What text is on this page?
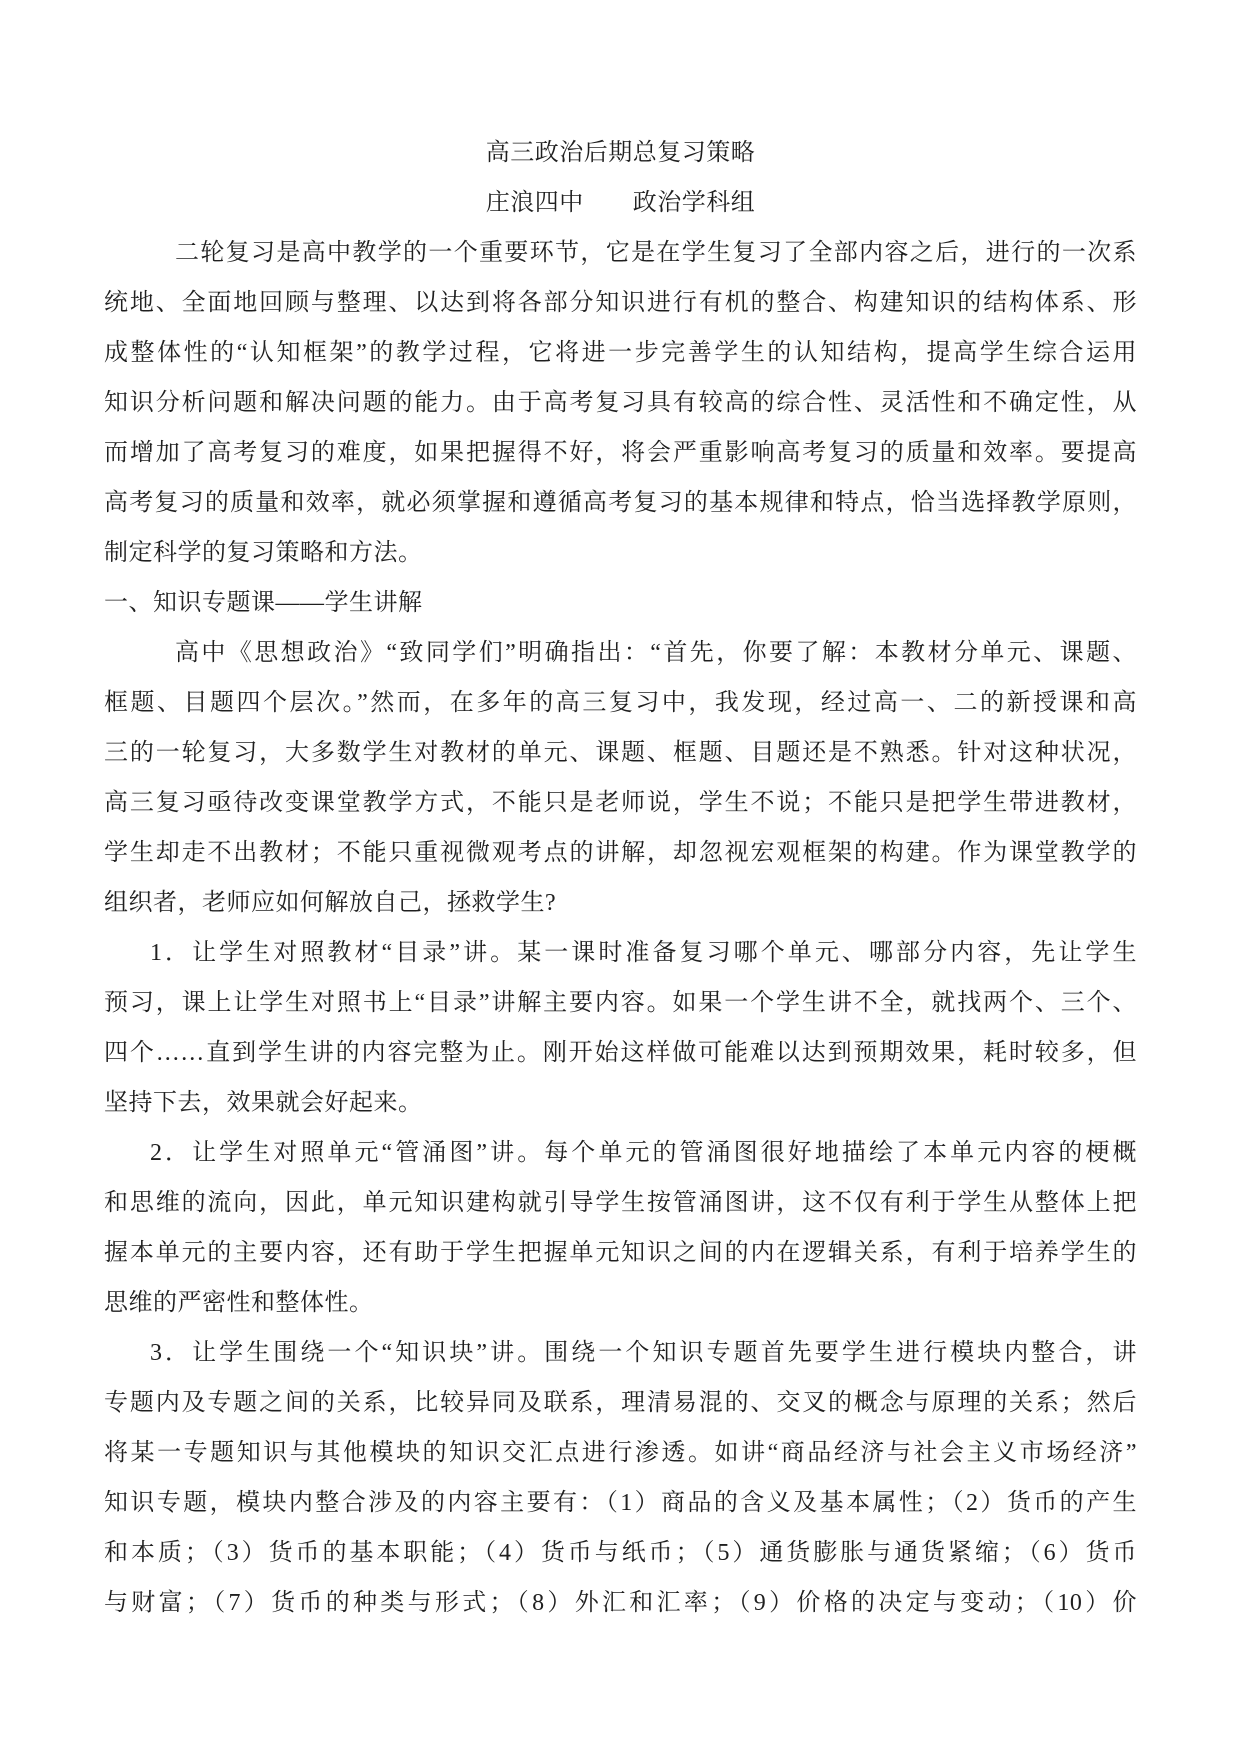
高三政治后期总复习策略
庄浪四中　　政治学科组
二轮复习是高中教学的一个重要环节，它是在学生复习了全部内容之后，进行的一次系
统地、全面地回顾与整理、以达到将各部分知识进行有机的整合、构建知识的结构体系、形
成整体性的“认知框架”的教学过程，它将进一步完善学生的认知结构，提高学生综合运用
知识分析问题和解决问题的能力。由于高考复习具有较高的综合性、灵活性和不确定性，从
而增加了高考复习的难度，如果把握得不好，将会严重影响高考复习的质量和效率。要提高
高考复习的质量和效率，就必须掌握和遵循高考复习的基本规律和特点，恰当选择教学原则，
制定科学的复习策略和方法。
一、知识专题课——学生讲解
高中《思想政治》“致同学们”明确指出：“首先，你要了解：本教材分单元、课题、
框题、目题四个层次。”然而，在多年的高三复习中，我发现，经过高一、二的新授课和高
三的一轮复习，大多数学生对教材的单元、课题、框题、目题还是不熟悉。针对这种状况，
高三复习亟待改变课堂教学方式，不能只是老师说，学生不说；不能只是把学生带进教材，
学生却走不出教材；不能只重视微观考点的讲解，却忽视宏观框架的构建。作为课堂教学的
组织者，老师应如何解放自己，拯救学生?
1．让学生对照教材“目录”讲。某一课时准备复习哪个单元、哪部分内容，先让学生
预习，课上让学生对照书上“目录”讲解主要内容。如果一个学生讲不全，就找两个、三个、
四个……直到学生讲的内容完整为止。刚开始这样做可能难以达到预期效果，耗时较多，但
坚持下去，效果就会好起来。
2．让学生对照单元“管涌图”讲。每个单元的管涌图很好地描绘了本单元内容的梗概
和思维的流向，因此，单元知识建构就引导学生按管涌图讲，这不仅有利于学生从整体上把
握本单元的主要内容，还有助于学生把握单元知识之间的内在逻辑关系，有利于培养学生的
思维的严密性和整体性。
3．让学生围绕一个“知识块”讲。围绕一个知识专题首先要学生进行模块内整合，讲
专题内及专题之间的关系，比较异同及联系，理清易混的、交叉的概念与原理的关系；然后
将某一专题知识与其他模块的知识交汇点进行渗透。如讲“商品经济与社会主义市场经济”
知识专题，模块内整合涉及的内容主要有：（1）商品的含义及基本属性；（2）货币的产生
和本质；（3）货币的基本职能；（4）货币与纸币；（5）通货膨胀与通货紧缩；（6）货币
与财富；（7）货币的种类与形式；（8）外汇和汇率；（9）价格的决定与变动；（10）价
